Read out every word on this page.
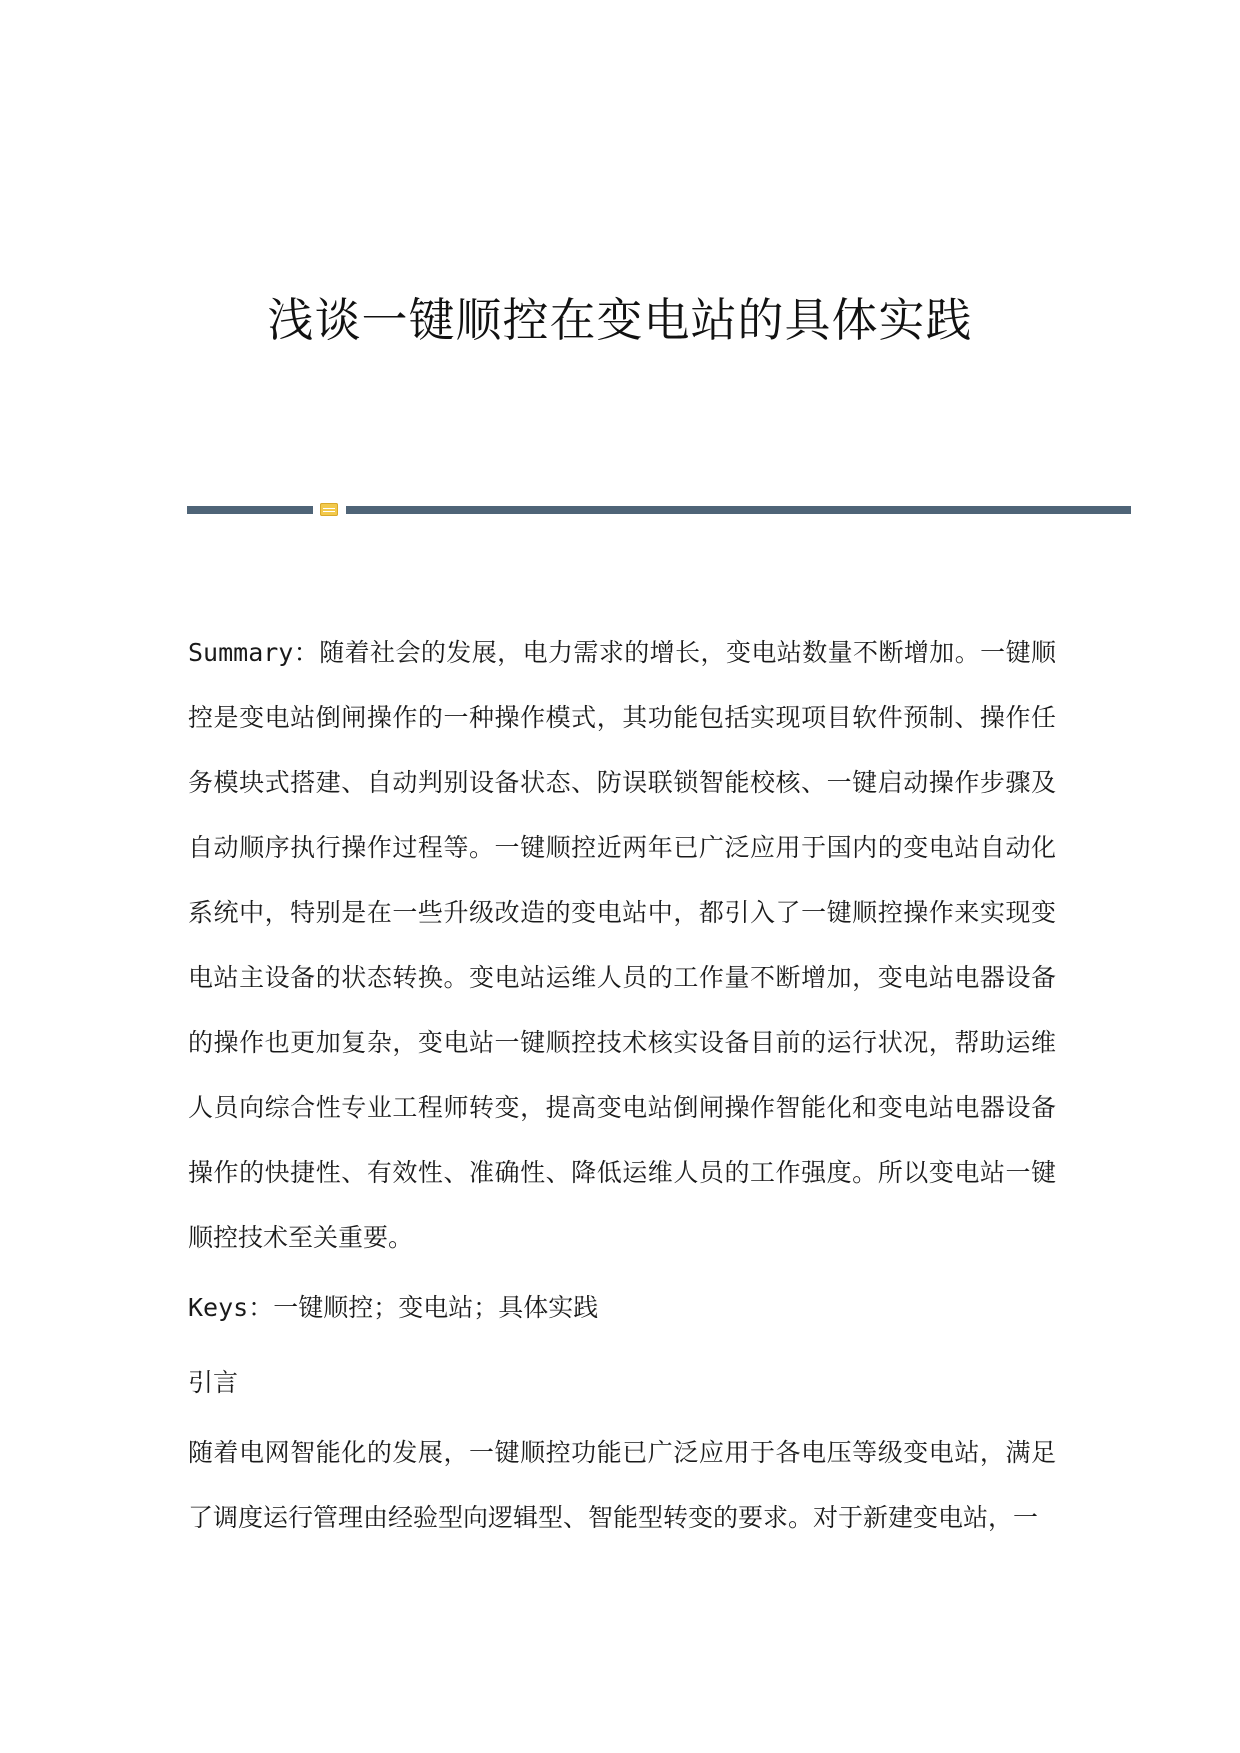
浅谈一键顺控在变电站的具体实践

Summary：随着社会的发展，电力需求的增长，变电站数量不断增加。一键顺控是变电站倒闸操作的一种操作模式，其功能包括实现项目软件预制、操作任务模块式搭建、自动判别设备状态、防误联锁智能校核、一键启动操作步骤及自动顺序执行操作过程等。一键顺控近两年已广泛应用于国内的变电站自动化系统中，特别是在一些升级改造的变电站中，都引入了一键顺控操作来实现变电站主设备的状态转换。变电站运维人员的工作量不断增加，变电站电器设备的操作也更加复杂，变电站一键顺控技术核实设备目前的运行状况，帮助运维人员向综合性专业工程师转变，提高变电站倒闸操作智能化和变电站电器设备操作的快捷性、有效性、准确性、降低运维人员的工作强度。所以变电站一键顺控技术至关重要。

Keys：一键顺控；变电站；具体实践

引言

随着电网智能化的发展，一键顺控功能已广泛应用于各电压等级变电站，满足了调度运行管理由经验型向逻辑型、智能型转变的要求。对于新建变电站，一
